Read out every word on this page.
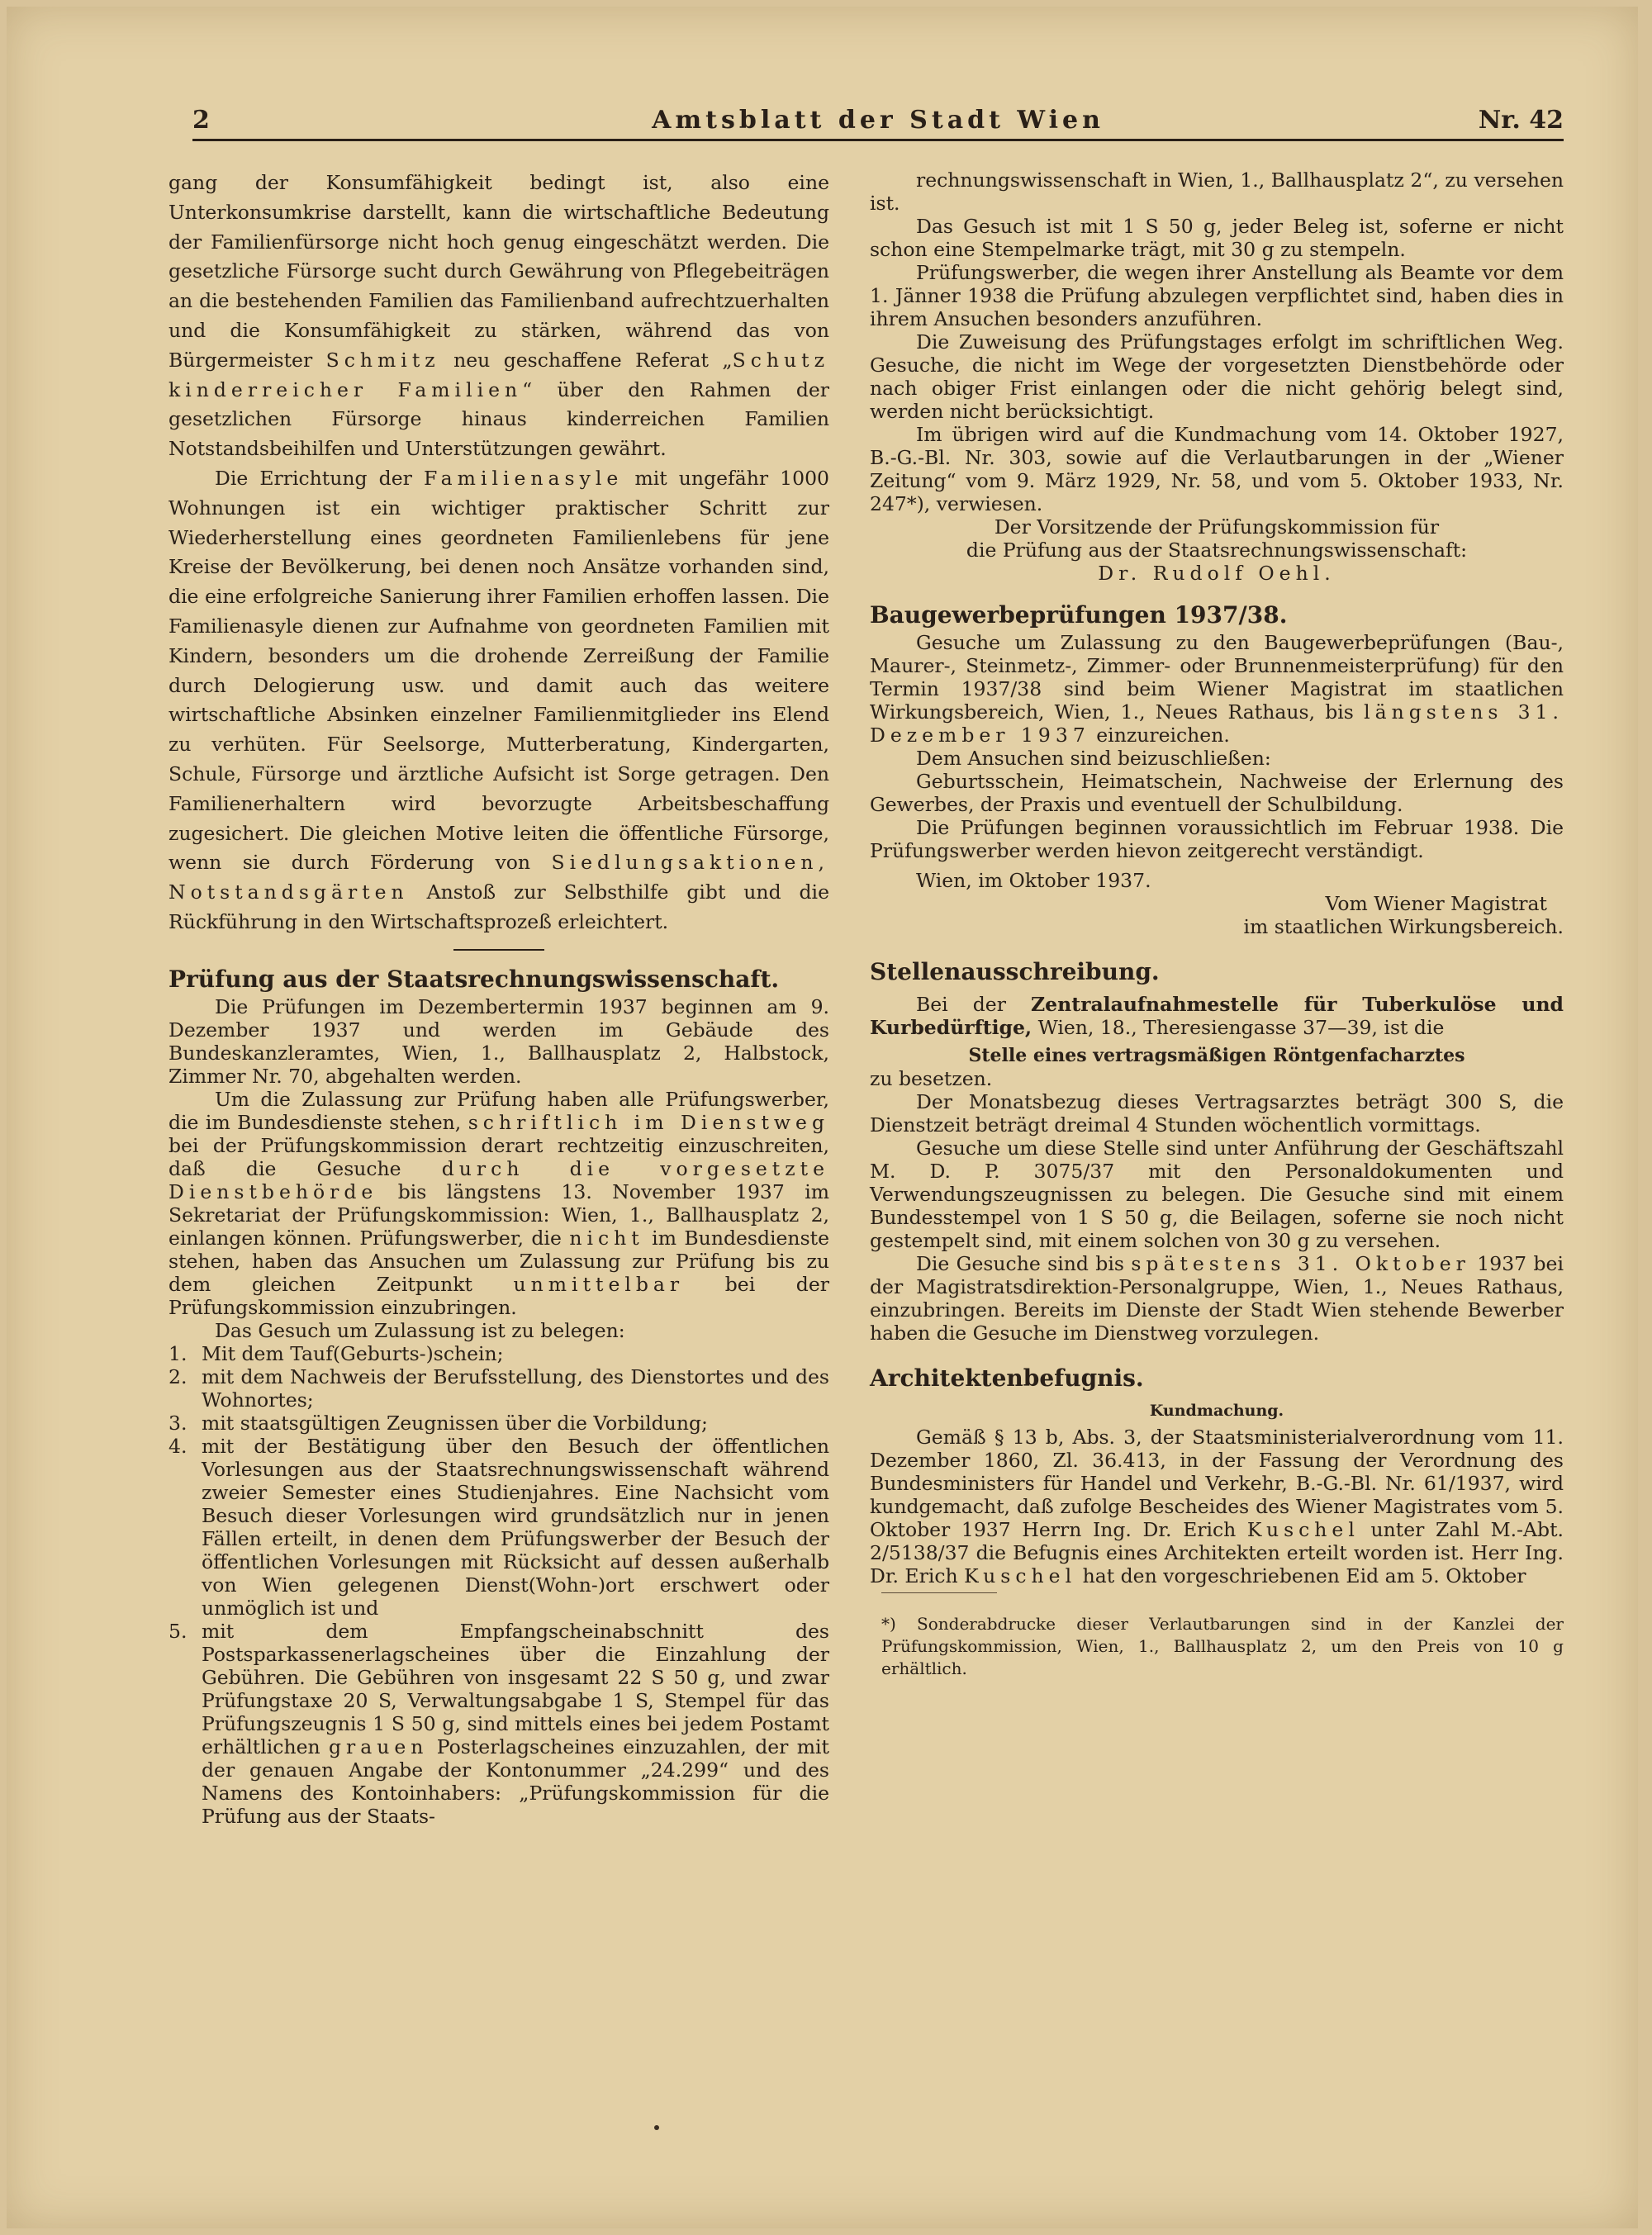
2	Amtsblatt der Stadt Wien	Nr. 42

gang der Konsumfähigkeit bedingt ist, also eine Unterkonsumkrise darstellt, kann die wirtschaftliche Bedeutung der Familienfürsorge nicht hoch genug eingeschätzt werden. Die gesetzliche Fürsorge sucht durch Gewährung von Pflegebeiträgen an die bestehenden Familien das Familienband aufrechtzuerhalten und die Konsumfähigkeit zu stärken, während das von Bürgermeister Schmitz neu geschaffene Referat „Schutz kinderreicher Familien“ über den Rahmen der gesetzlichen Fürsorge hinaus kinderreichen Familien Notstandsbeihilfen und Unterstützungen gewährt.

Die Errichtung der Familienasyle mit ungefähr 1000 Wohnungen ist ein wichtiger praktischer Schritt zur Wiederherstellung eines geordneten Familienlebens für jene Kreise der Bevölkerung, bei denen noch Ansätze vorhanden sind, die eine erfolgreiche Sanierung ihrer Familien erhoffen lassen. Die Familienasyle dienen zur Aufnahme von geordneten Familien mit Kindern, besonders um die drohende Zerreißung der Familie durch Delogierung usw. und damit auch das weitere wirtschaftliche Absinken einzelner Familienmitglieder ins Elend zu verhüten. Für Seelsorge, Mutterberatung, Kindergarten, Schule, Fürsorge und ärztliche Aufsicht ist Sorge getragen. Den Familienerhaltern wird bevorzugte Arbeitsbeschaffung zugesichert. Die gleichen Motive leiten die öffentliche Fürsorge, wenn sie durch Förderung von Siedlungsaktionen, Notstandsgärten Anstoß zur Selbsthilfe gibt und die Rückführung in den Wirtschaftsprozeß erleichtert.

Prüfung aus der Staatsrechnungswissenschaft.

Die Prüfungen im Dezembertermin 1937 beginnen am 9. Dezember 1937 und werden im Gebäude des Bundeskanzleramtes, Wien, 1., Ballhausplatz 2, Halbstock, Zimmer Nr. 70, abgehalten werden.

Um die Zulassung zur Prüfung haben alle Prüfungswerber, die im Bundesdienste stehen, schriftlich im Dienstweg bei der Prüfungskommission derart rechtzeitig einzuschreiten, daß die Gesuche durch die vorgesetzte Dienstbehörde bis längstens 13. November 1937 im Sekretariat der Prüfungskommission: Wien, 1., Ballhausplatz 2, einlangen können. Prüfungswerber, die nicht im Bundesdienste stehen, haben das Ansuchen um Zulassung zur Prüfung bis zu dem gleichen Zeitpunkt unmittelbar bei der Prüfungskommission einzubringen.

Das Gesuch um Zulassung ist zu belegen:

1. Mit dem Tauf(Geburts-)schein;
2. mit dem Nachweis der Berufsstellung, des Dienstortes und des Wohnortes;
3. mit staatsgültigen Zeugnissen über die Vorbildung;
4. mit der Bestätigung über den Besuch der öffentlichen Vorlesungen aus der Staatsrechnungswissenschaft während zweier Semester eines Studienjahres. Eine Nachsicht vom Besuch dieser Vorlesungen wird grundsätzlich nur in jenen Fällen erteilt, in denen dem Prüfungswerber der Besuch der öffentlichen Vorlesungen mit Rücksicht auf dessen außerhalb von Wien gelegenen Dienst(Wohn-)ort erschwert oder unmöglich ist und
5. mit dem Empfangscheinabschnitt des Postsparkassenerlagscheines über die Einzahlung der Gebühren. Die Gebühren von insgesamt 22 S 50 g, und zwar Prüfungstaxe 20 S, Verwaltungsabgabe 1 S, Stempel für das Prüfungszeugnis 1 S 50 g, sind mittels eines bei jedem Postamt erhältlichen grauen Posterlagscheines einzuzahlen, der mit der genauen Angabe der Kontonummer „24.299“ und des Namens des Kontoinhabers: „Prüfungskommission für die Prüfung aus der Staats-

rechnungswissenschaft in Wien, 1., Ballhausplatz 2“, zu versehen ist.

Das Gesuch ist mit 1 S 50 g, jeder Beleg ist, soferne er nicht schon eine Stempelmarke trägt, mit 30 g zu stempeln.

Prüfungswerber, die wegen ihrer Anstellung als Beamte vor dem 1. Jänner 1938 die Prüfung abzulegen verpflichtet sind, haben dies in ihrem Ansuchen besonders anzuführen.

Die Zuweisung des Prüfungstages erfolgt im schriftlichen Weg. Gesuche, die nicht im Wege der vorgesetzten Dienstbehörde oder nach obiger Frist einlangen oder die nicht gehörig belegt sind, werden nicht berücksichtigt.

Im übrigen wird auf die Kundmachung vom 14. Oktober 1927, B.-G.-Bl. Nr. 303, sowie auf die Verlautbarungen in der „Wiener Zeitung“ vom 9. März 1929, Nr. 58, und vom 5. Oktober 1933, Nr. 247*), verwiesen.

Der Vorsitzende der Prüfungskommission für

die Prüfung aus der Staatsrechnungswissenschaft:

Dr. Rudolf Oehl.

Baugewerbeprüfungen 1937/38.

Gesuche um Zulassung zu den Baugewerbeprüfungen (Bau-, Maurer-, Steinmetz-, Zimmer- oder Brunnenmeisterprüfung) für den Termin 1937/38 sind beim Wiener Magistrat im staatlichen Wirkungsbereich, Wien, 1., Neues Rathaus, bis längstens 31. Dezember 1937 einzureichen.

Dem Ansuchen sind beizuschließen:

Geburtsschein, Heimatschein, Nachweise der Erlernung des Gewerbes, der Praxis und eventuell der Schulbildung.

Die Prüfungen beginnen voraussichtlich im Februar 1938. Die Prüfungswerber werden hievon zeitgerecht verständigt.

Wien, im Oktober 1937.

Vom Wiener Magistrat

im staatlichen Wirkungsbereich.

Stellenausschreibung.

Bei der Zentralaufnahmestelle für Tuberkulöse und Kurbedürftige, Wien, 18., Theresiengasse 37—39, ist die

Stelle eines vertragsmäßigen Röntgenfacharztes

zu besetzen.

Der Monatsbezug dieses Vertragsarztes beträgt 300 S, die Dienstzeit beträgt dreimal 4 Stunden wöchentlich vormittags.

Gesuche um diese Stelle sind unter Anführung der Geschäftszahl M. D. P. 3075/37 mit den Personaldokumenten und Verwendungszeugnissen zu belegen. Die Gesuche sind mit einem Bundesstempel von 1 S 50 g, die Beilagen, soferne sie noch nicht gestempelt sind, mit einem solchen von 30 g zu versehen.

Die Gesuche sind bis spätestens 31. Oktober 1937 bei der Magistratsdirektion-Personalgruppe, Wien, 1., Neues Rathaus, einzubringen. Bereits im Dienste der Stadt Wien stehende Bewerber haben die Gesuche im Dienstweg vorzulegen.

Architektenbefugnis.

Kundmachung.

Gemäß § 13 b, Abs. 3, der Staatsministerialverordnung vom 11. Dezember 1860, Zl. 36.413, in der Fassung der Verordnung des Bundesministers für Handel und Verkehr, B.-G.-Bl. Nr. 61/1937, wird kundgemacht, daß zufolge Bescheides des Wiener Magistrates vom 5. Oktober 1937 Herrn Ing. Dr. Erich Kuschel unter Zahl M.-Abt. 2/5138/37 die Befugnis eines Architekten erteilt worden ist. Herr Ing. Dr. Erich Kuschel hat den vorgeschriebenen Eid am 5. Oktober

*) Sonderabdrucke dieser Verlautbarungen sind in der Kanzlei der Prüfungskommission, Wien, 1., Ballhausplatz 2, um den Preis von 10 g erhältlich.
